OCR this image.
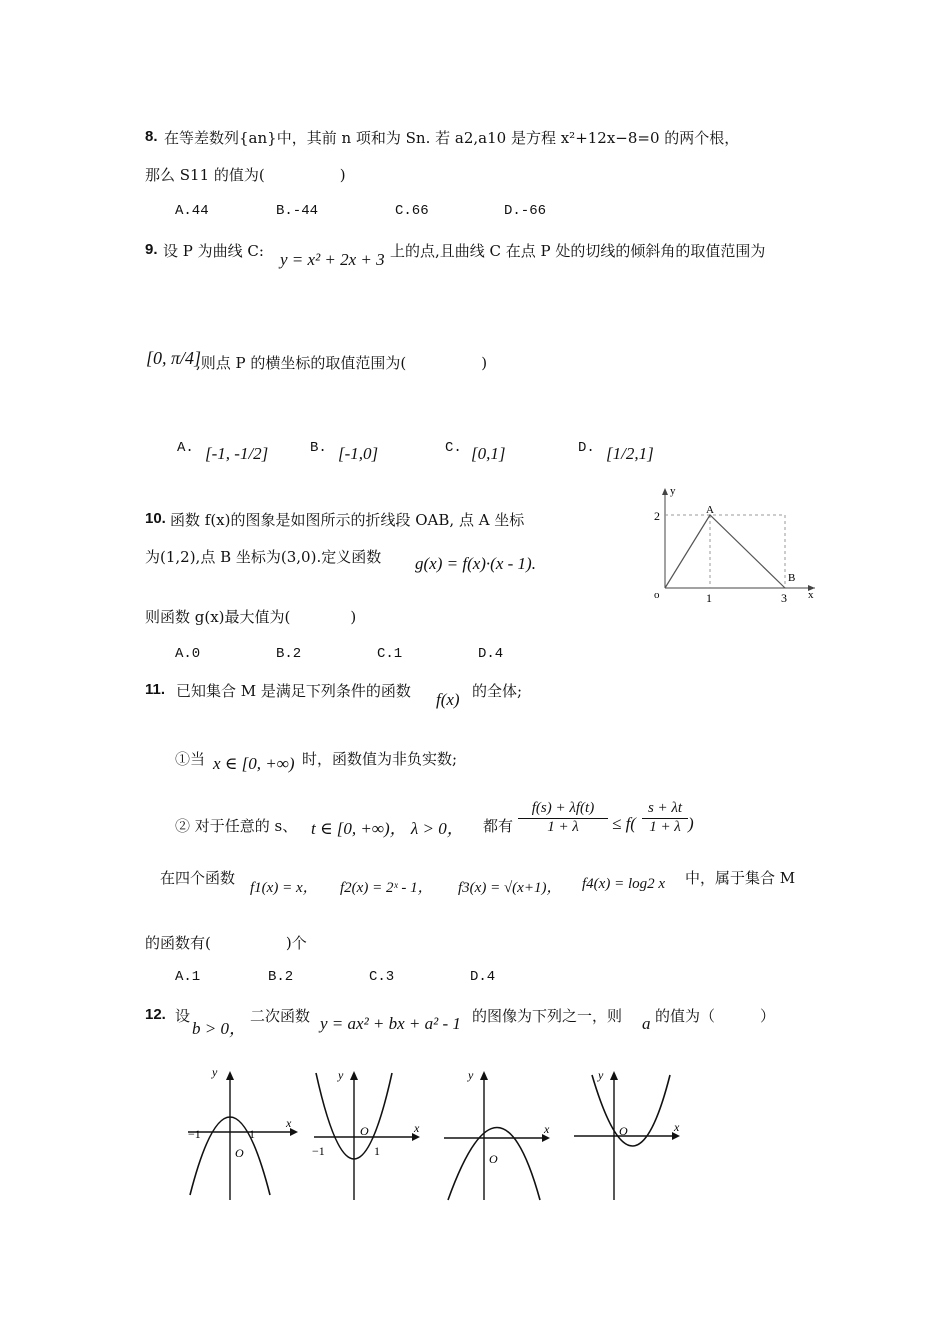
8. 在等差数列{an}中，其前 n 项和为 Sn. 若 a2,a10 是方程 x²+12x−8=0 的两个根，
那么 S11 的值为(　　　　　)
A.44	B.-44	C.66	D.-66
9. 设 P 为曲线 C: y = x² + 2x + 3 上的点,且曲线 C 在点 P 处的切线的倾斜角的取值范围为
[0, π/4]
,则点 P 的横坐标的取值范围为(　　　　　)
A. [-1, -1/2]	B. [-1,0]	C. [0,1]	D. [1/2,1]
10. 函数 f(x)的图象是如图所示的折线段 OAB, 点 A 坐标
为(1,2),点 B 坐标为(3,0).定义函数 g(x) = f(x)·(x - 1).
则函数 g(x)最大值为(　　　　)
A.0	B.2	C.1	D.4
y
x
o
A
B
2
1	3
11. 已知集合 M 是满足下列条件的函数 f(x) 的全体;
①当 x ∈ [0, +∞) 时，函数值为非负实数;
② 对于任意的 s、 t ∈ [0, +∞)， λ > 0， 都有 $\frac{f(s) + \lambda f(t)}{1 + \lambda} \le f( \frac{s + \lambda t}{1 + \lambda}$ )
在四个函数
f1(x) = x， f2(x) = 2ˣ - 1， f3(x) = √(x+1)， f4(x) = log2 x 中，属于集合 M
的函数有(　　　　　)个
A.1	B.2	C.3	D.4
12. 设
b > 0，
二次函数 y = ax² + bx + a² - 1 的图像为下列之一，则 a 的值为（　　　）
y
x
−1	1
O
y
x
−1	1
O
y
x
O
y
x
O
